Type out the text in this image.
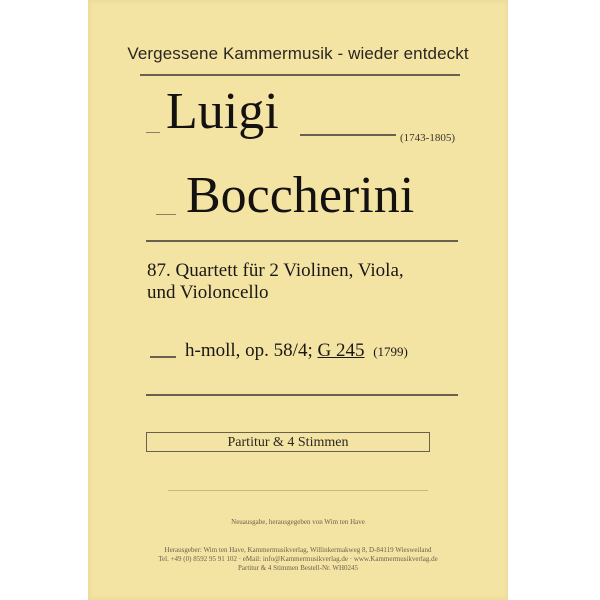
Vergessene Kammermusik - wieder entdeckt
Luigi	(1743-1805)
Boccherini
87. Quartett für 2 Violinen, Viola,
und Violoncello
h-moll, op. 58/4; G 245 (1799)
Partitur & 4 Stimmen
Neuausgabe, herausgegeben von Wim ten Have
Herausgeber: Wim ten Have, Kammermusikverlag, Willinkermakweg 8, D-84119 Wiesweiland
Tel. +49 (0) 8592 95 91 102 · eMail: info@Kammermusikverlag.de · www.Kammermusikverlag.de
Partitur & 4 Stimmen Bestell-Nr. WH0245
